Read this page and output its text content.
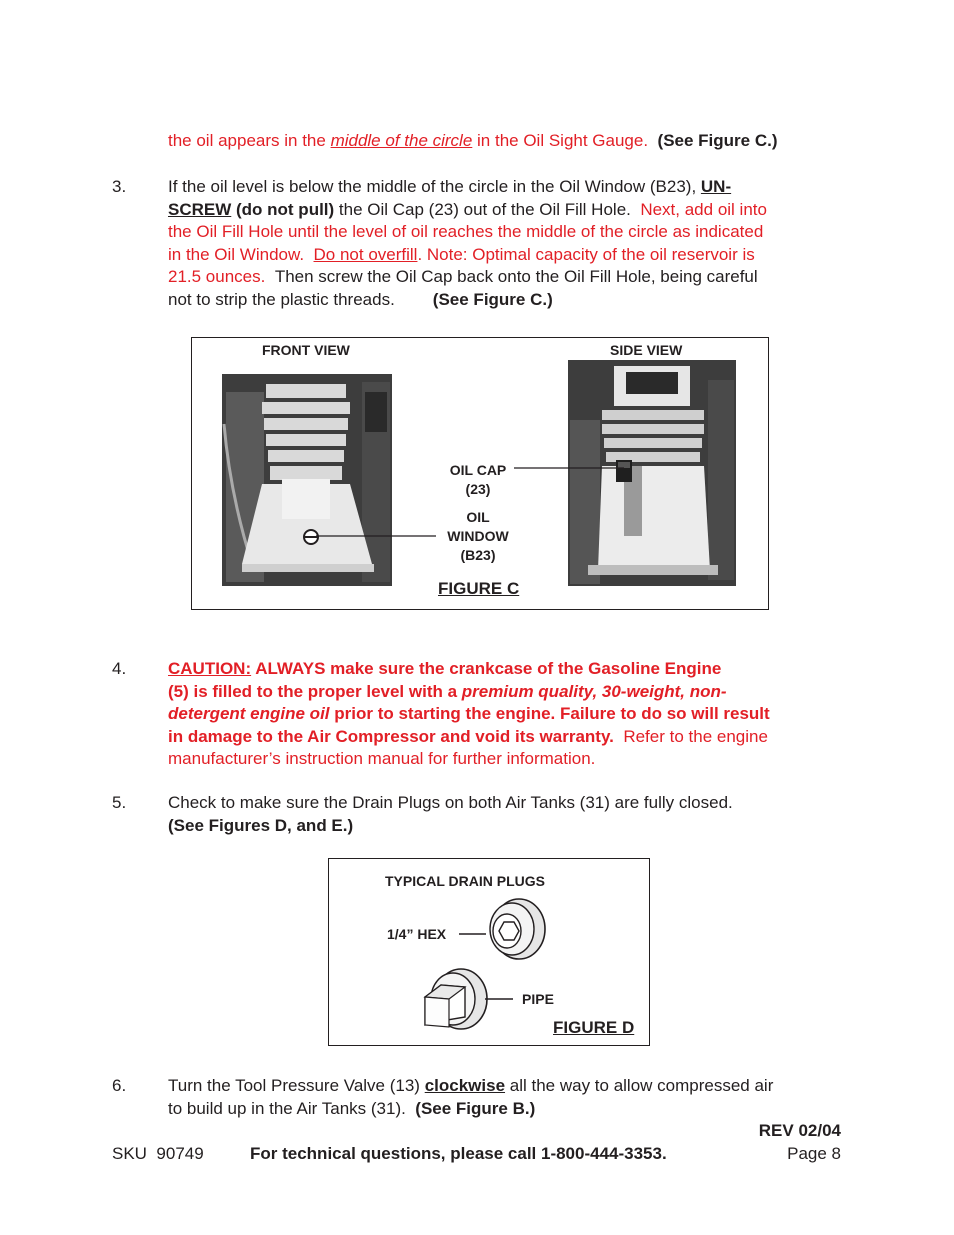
the oil appears in the middle of the circle in the Oil Sight Gauge. (See Figure C.)
3. If the oil level is below the middle of the circle in the Oil Window (B23), UN-
SCREW (do not pull) the Oil Cap (23) out of the Oil Fill Hole. Next, add oil into
the Oil Fill Hole until the level of oil reaches the middle of the circle as indicated
in the Oil Window. Do not overfill. Note: Optimal capacity of the oil reservoir is
21.5 ounces. Then screw the Oil Cap back onto the Oil Fill Hole, being careful
not to strip the plastic threads. (See Figure C.)
FRONT VIEW	SIDE VIEW
OIL CAP
(23)
OIL
WINDOW
(B23)
FIGURE C
4. CAUTION: ALWAYS make sure the crankcase of the Gasoline Engine
(5) is filled to the proper level with a premium quality, 30-weight, non-
detergent engine oil prior to starting the engine. Failure to do so will result
in damage to the Air Compressor and void its warranty. Refer to the engine
manufacturer’s instruction manual for further information.
5. Check to make sure the Drain Plugs on both Air Tanks (31) are fully closed.
(See Figures D, and E.)
TYPICAL DRAIN PLUGS
1/4” HEX
PIPE
FIGURE D
6. Turn the Tool Pressure Valve (13) clockwise all the way to allow compressed air
to build up in the Air Tanks (31). (See Figure B.)
REV 02/04
SKU 90749	For technical questions, please call 1-800-444-3353.	Page 8
